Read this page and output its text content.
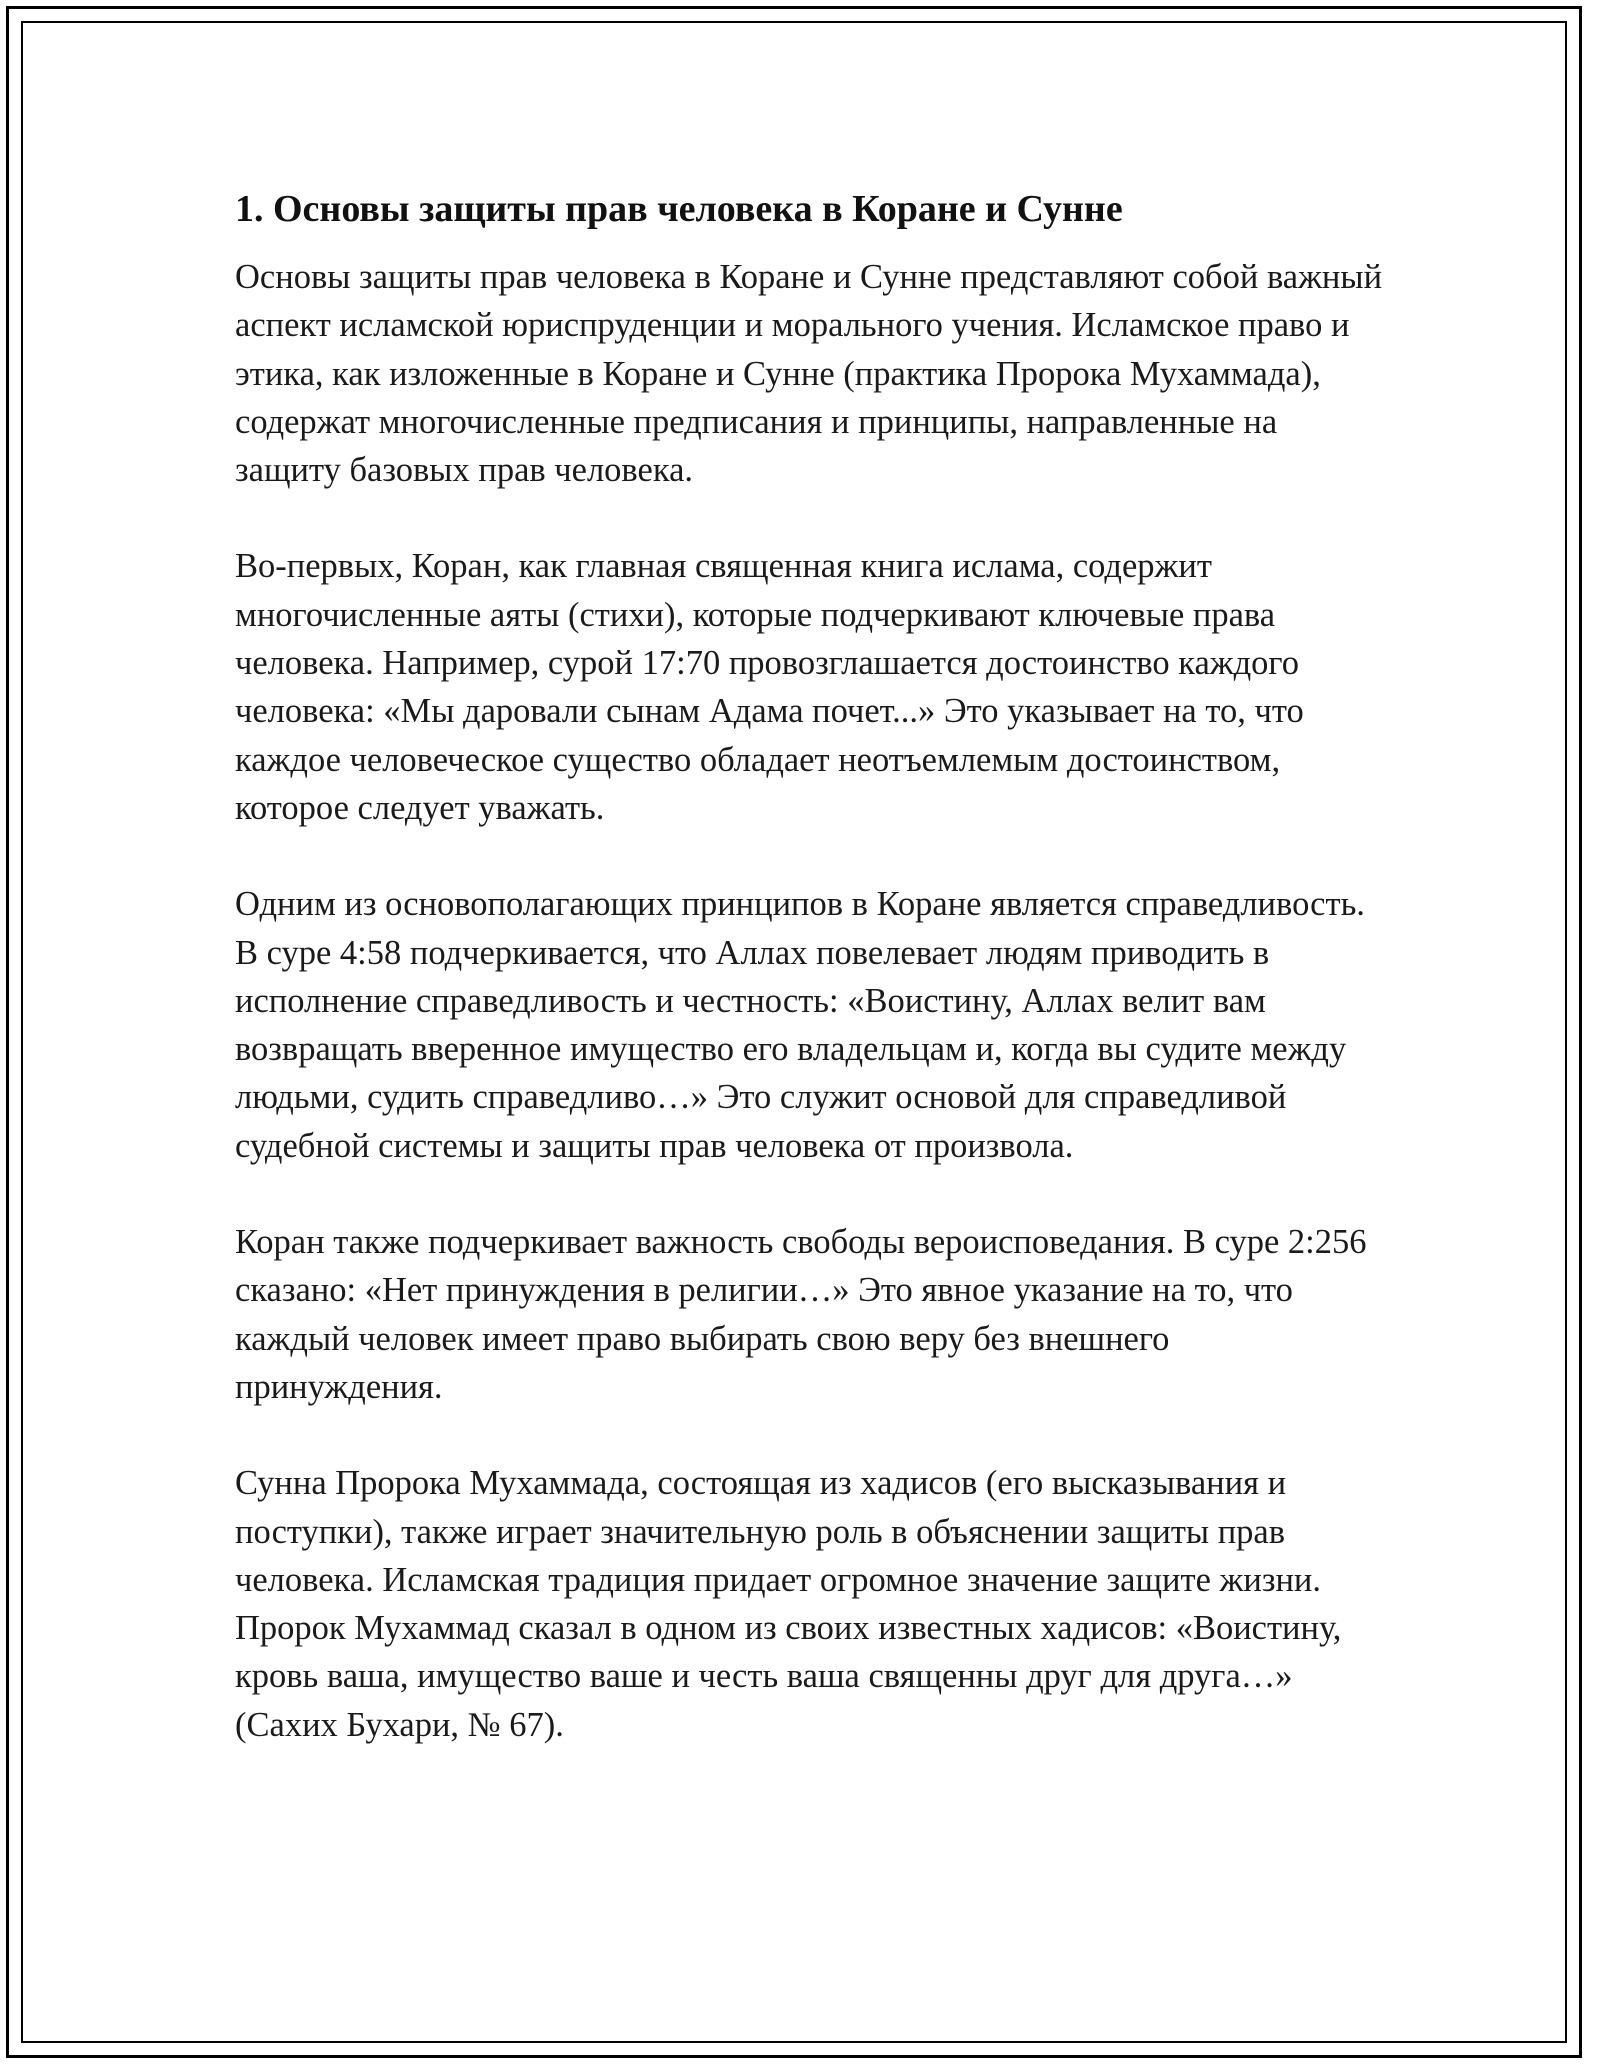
1. Основы защиты прав человека в Коране и Сунне

Основы защиты прав человека в Коране и Сунне представляют собой важный аспект исламской юриспруденции и морального учения. Исламское право и этика, как изложенные в Коране и Сунне (практика Пророка Мухаммада), содержат многочисленные предписания и принципы, направленные на защиту базовых прав человека.

Во-первых, Коран, как главная священная книга ислама, содержит многочисленные аяты (стихи), которые подчеркивают ключевые права человека. Например, сурой 17:70 провозглашается достоинство каждого человека: «Мы даровали сынам Адама почет...» Это указывает на то, что каждое человеческое существо обладает неотъемлемым достоинством, которое следует уважать.

Одним из основополагающих принципов в Коране является справедливость. В суре 4:58 подчеркивается, что Аллах повелевает людям приводить в исполнение справедливость и честность: «Воистину, Аллах велит вам возвращать вверенное имущество его владельцам и, когда вы судите между людьми, судить справедливо…» Это служит основой для справедливой судебной системы и защиты прав человека от произвола.

Коран также подчеркивает важность свободы вероисповедания. В суре 2:256 сказано: «Нет принуждения в религии…» Это явное указание на то, что каждый человек имеет право выбирать свою веру без внешнего принуждения.

Сунна Пророка Мухаммада, состоящая из хадисов (его высказывания и поступки), также играет значительную роль в объяснении защиты прав человека. Исламская традиция придает огромное значение защите жизни. Пророк Мухаммад сказал в одном из своих известных хадисов: «Воистину, кровь ваша, имущество ваше и честь ваша священны друг для друга…» (Сахих Бухари, № 67).
